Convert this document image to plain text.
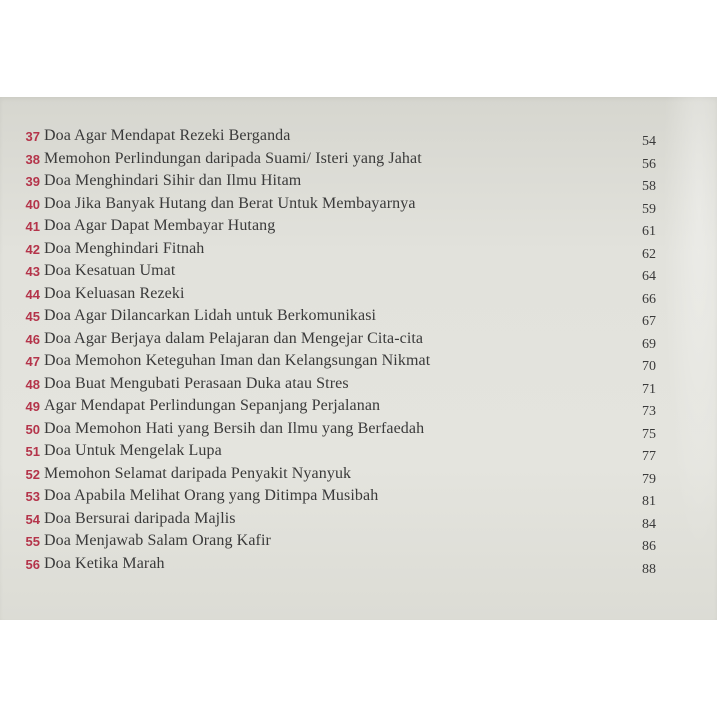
37 Doa Agar Mendapat Rezeki Berganda	54
38 Memohon Perlindungan daripada Suami/ Isteri yang Jahat	56
39 Doa Menghindari Sihir dan Ilmu Hitam	58
40 Doa Jika Banyak Hutang dan Berat Untuk Membayarnya	59
41 Doa Agar Dapat Membayar Hutang	61
42 Doa Menghindari Fitnah	62
43 Doa Kesatuan Umat	64
44 Doa Keluasan Rezeki	66
45 Doa Agar Dilancarkan Lidah untuk Berkomunikasi	67
46 Doa Agar Berjaya dalam Pelajaran dan Mengejar Cita-cita	69
47 Doa Memohon Keteguhan Iman dan Kelangsungan Nikmat	70
48 Doa Buat Mengubati Perasaan Duka atau Stres	71
49 Agar Mendapat Perlindungan Sepanjang Perjalanan	73
50 Doa Memohon Hati yang Bersih dan Ilmu yang Berfaedah	75
51 Doa Untuk Mengelak Lupa	77
52 Memohon Selamat daripada Penyakit Nyanyuk	79
53 Doa Apabila Melihat Orang yang Ditimpa Musibah	81
54 Doa Bersurai daripada Majlis	84
55 Doa Menjawab Salam Orang Kafir	86
56 Doa Ketika Marah	88
